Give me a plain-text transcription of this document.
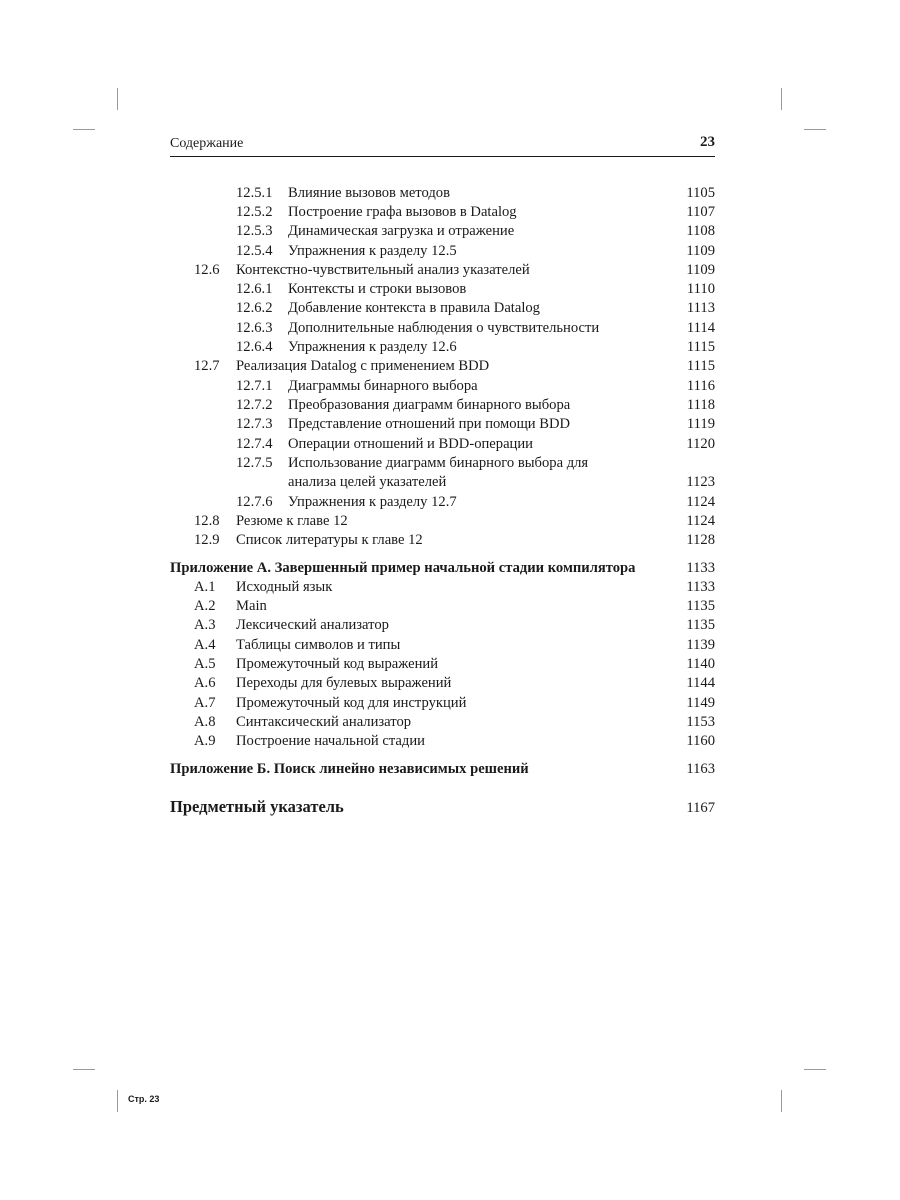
Содержание	23
12.5.1 Влияние вызовов методов	1105
12.5.2 Построение графа вызовов в Datalog	1107
12.5.3 Динамическая загрузка и отражение	1108
12.5.4 Упражнения к разделу 12.5	1109
12.6 Контекстно-чувствительный анализ указателей	1109
12.6.1 Контексты и строки вызовов	1110
12.6.2 Добавление контекста в правила Datalog	1113
12.6.3 Дополнительные наблюдения о чувствительности	1114
12.6.4 Упражнения к разделу 12.6	1115
12.7 Реализация Datalog с применением BDD	1115
12.7.1 Диаграммы бинарного выбора	1116
12.7.2 Преобразования диаграмм бинарного выбора	1118
12.7.3 Представление отношений при помощи BDD	1119
12.7.4 Операции отношений и BDD-операции	1120
12.7.5 Использование диаграмм бинарного выбора для
анализа целей указателей	1123
12.7.6 Упражнения к разделу 12.7	1124
12.8 Резюме к главе 12	1124
12.9 Список литературы к главе 12	1128
Приложение А. Завершенный пример начальной стадии компилятора	1133
A.1 Исходный язык	1133
A.2 Main	1135
A.3 Лексический анализатор	1135
A.4 Таблицы символов и типы	1139
A.5 Промежуточный код выражений	1140
A.6 Переходы для булевых выражений	1144
A.7 Промежуточный код для инструкций	1149
A.8 Синтаксический анализатор	1153
A.9 Построение начальной стадии	1160
Приложение Б. Поиск линейно независимых решений	1163
Предметный указатель	1167
Стр. 23
